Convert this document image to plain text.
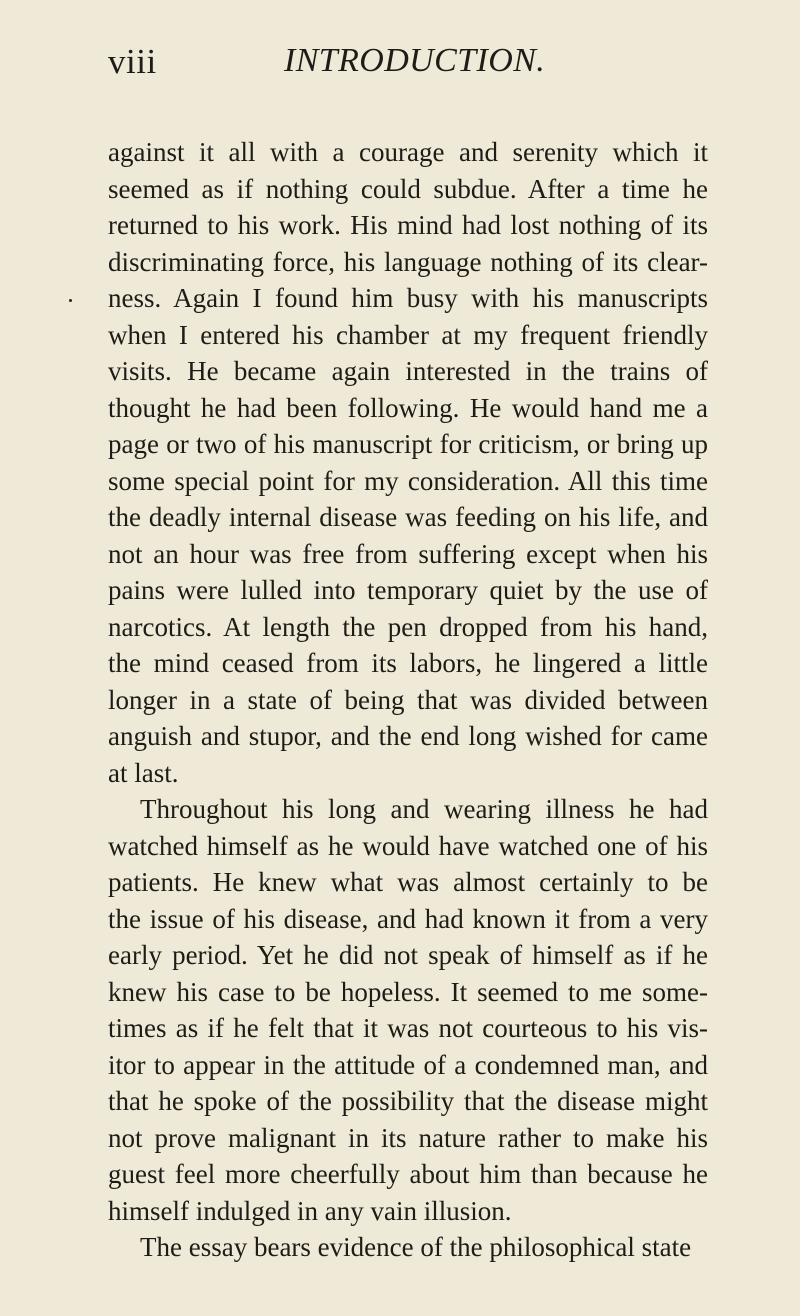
viii	INTRODUCTION.
against it all with a courage and serenity which it
seemed as if nothing could subdue. After a time he
returned to his work. His mind had lost nothing of its
discriminating force, his language nothing of its clear-
ness. Again I found him busy with his manuscripts
when I entered his chamber at my frequent friendly
visits. He became again interested in the trains of
thought he had been following. He would hand me a
page or two of his manuscript for criticism, or bring up
some special point for my consideration. All this time
the deadly internal disease was feeding on his life, and
not an hour was free from suffering except when his
pains were lulled into temporary quiet by the use of
narcotics. At length the pen dropped from his hand,
the mind ceased from its labors, he lingered a little
longer in a state of being that was divided between
anguish and stupor, and the end long wished for came
at last.
Throughout his long and wearing illness he had
watched himself as he would have watched one of his
patients. He knew what was almost certainly to be
the issue of his disease, and had known it from a very
early period. Yet he did not speak of himself as if he
knew his case to be hopeless. It seemed to me some-
times as if he felt that it was not courteous to his vis-
itor to appear in the attitude of a condemned man, and
that he spoke of the possibility that the disease might
not prove malignant in its nature rather to make his
guest feel more cheerfully about him than because he
himself indulged in any vain illusion.
The essay bears evidence of the philosophical state
